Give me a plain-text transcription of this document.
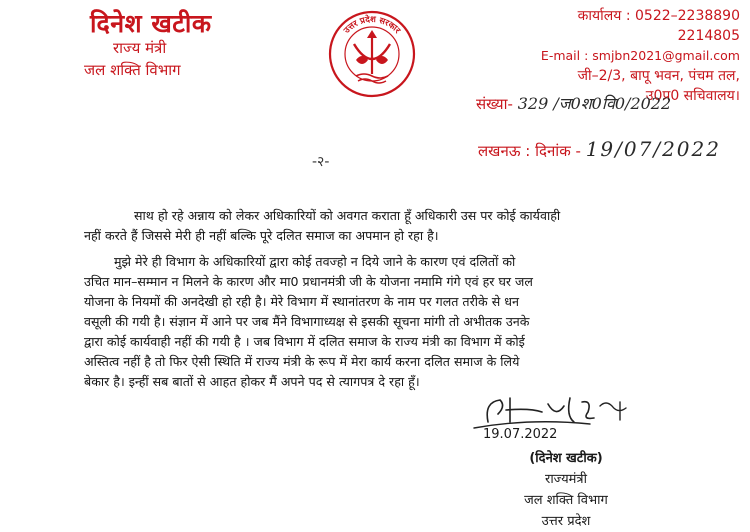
दिनेश खटीक
राज्य मंत्री
जल शक्ति विभाग
उत्तर प्रदेश सरकार
कार्यालय : 0522–2238890
2214805
E-mail : smjbn2021@gmail.com
जी–2/3, बापू भवन, पंचम तल,
उ0प्र0 सचिवालय।
संख्या- 329 /ज0श0वि0/2022
लखनऊ : दिनांक - 19/07/2022
-२-
साथ हो रहे अन्नाय को लेकर अधिकारियों को अवगत कराता हूँ अधिकारी उस पर कोई कार्यवाही
नहीं करते हैं जिससे मेरी ही नहीं बल्कि पूरे दलित समाज का अपमान हो रहा है।
मुझे मेरे ही विभाग के अधिकारियों द्वारा कोई तवज्हो न दिये जाने के कारण एवं दलितों को
उचित मान–सम्मान न मिलने के कारण और मा0 प्रधानमंत्री जी के योजना नमामि गंगे एवं हर घर जल
योजना के नियमों की अनदेखी हो रही है। मेरे विभाग में स्थानांतरण के नाम पर गलत तरीके से धन
वसूली की गयी है। संज्ञान में आने पर जब मैंने विभागाध्यक्ष से इसकी सूचना मांगी तो अभीतक उनके
द्वारा कोई कार्यवाही नहीं की गयी है । जब विभाग में दलित समाज के राज्य मंत्री का विभाग में कोई
अस्तित्व नहीं है तो फिर ऐसी स्थिति में राज्य मंत्री के रूप में मेरा कार्य करना दलित समाज के लिये
बेकार है। इन्हीं सब बातों से आहत होकर मैं अपने पद से त्यागपत्र दे रहा हूँ।
19.07.2022
(दिनेश खटीक)
राज्यमंत्री
जल शक्ति विभाग
उत्तर प्रदेश
